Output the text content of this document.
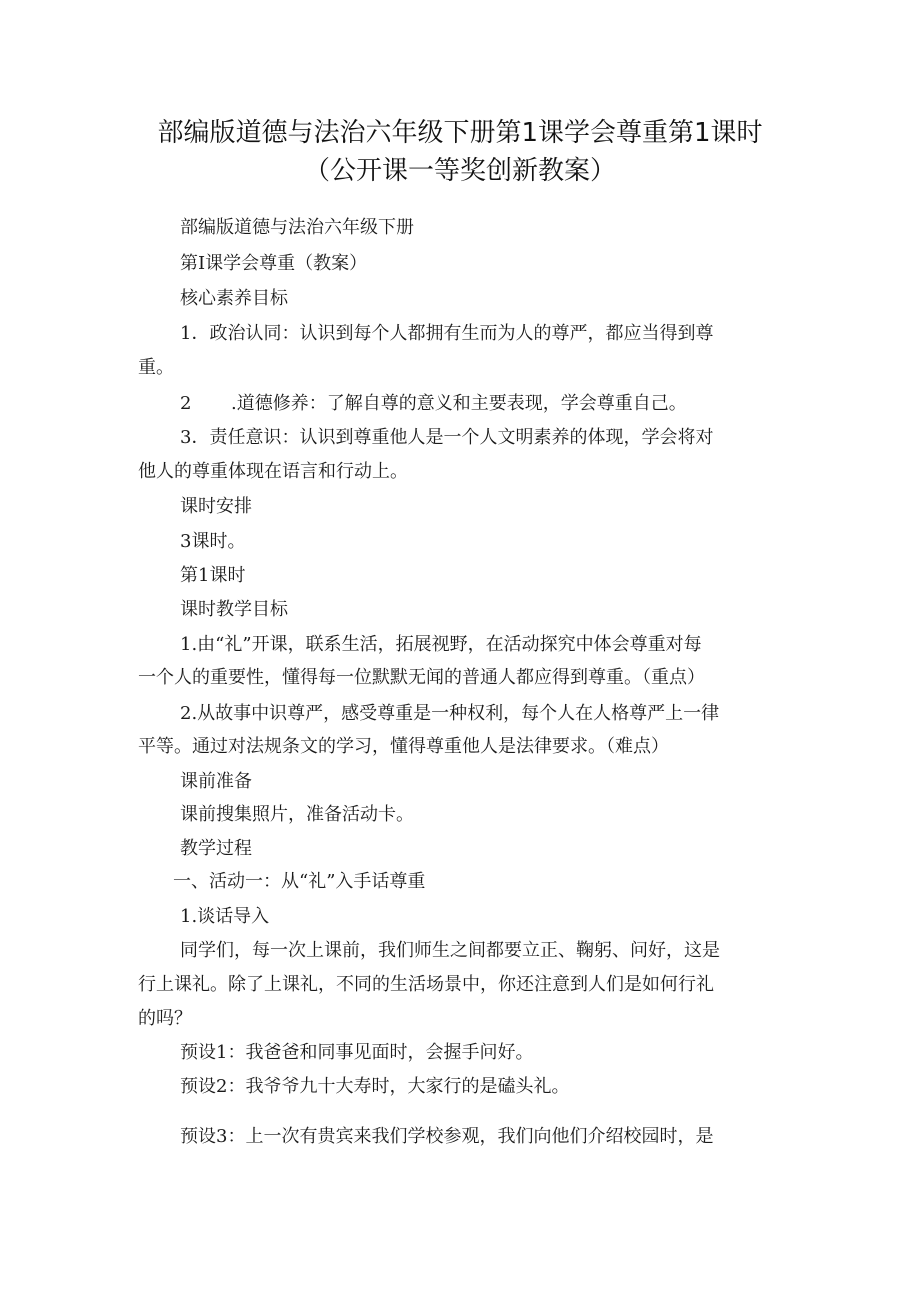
部编版道德与法治六年级下册第1课学会尊重第1课时
（公开课一等奖创新教案）
部编版道德与法治六年级下册
第I课学会尊重（教案）
核心素养目标
1．政治认同：认识到每个人都拥有生而为人的尊严，都应当得到尊
重。
2 .道德修养：了解自尊的意义和主要表现，学会尊重自己。
3．责任意识：认识到尊重他人是一个人文明素养的体现，学会将对
他人的尊重体现在语言和行动上。
课时安排
3课时。
第1课时
课时教学目标
1.由“礼”开课，联系生活，拓展视野，在活动探究中体会尊重对每
一个人的重要性，懂得每一位默默无闻的普通人都应得到尊重。（重点）
2.从故事中识尊严，感受尊重是一种权利，每个人在人格尊严上一律
平等。通过对法规条文的学习，懂得尊重他人是法律要求。（难点）
课前准备
课前搜集照片，准备活动卡。
教学过程
一、活动一：从“礼”入手话尊重
1.谈话导入
同学们，每一次上课前，我们师生之间都要立正、鞠躬、问好，这是
行上课礼。除了上课礼，不同的生活场景中，你还注意到人们是如何行礼
的吗？
预设1：我爸爸和同事见面时，会握手问好。
预设2：我爷爷九十大寿时，大家行的是磕头礼。
预设3：上一次有贵宾来我们学校参观，我们向他们介绍校园时，是
